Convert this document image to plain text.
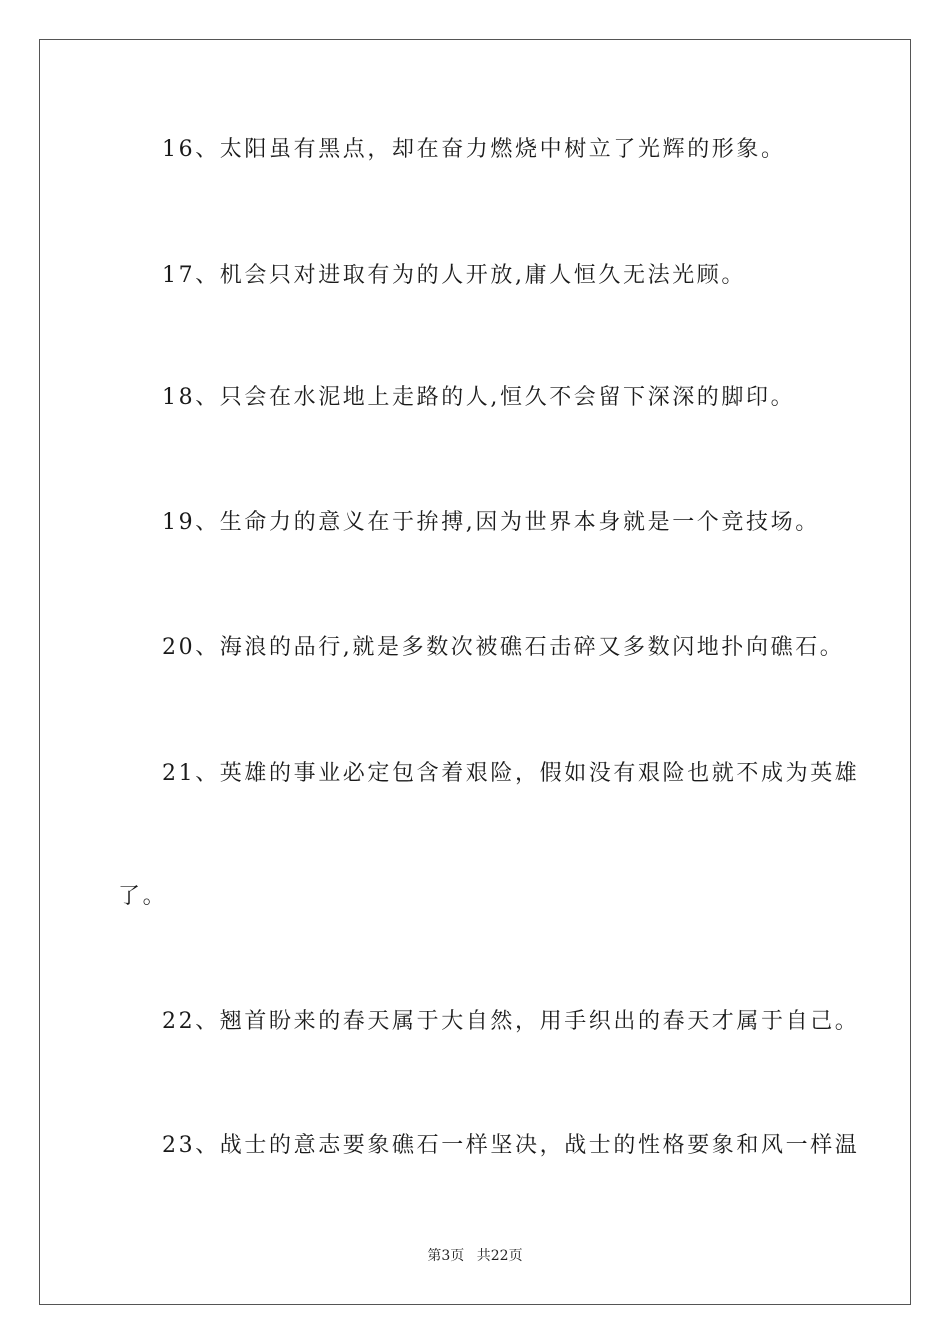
16、太阳虽有黑点，却在奋力燃烧中树立了光辉的形象。
17、机会只对进取有为的人开放,庸人恒久无法光顾。
18、只会在水泥地上走路的人,恒久不会留下深深的脚印。
19、生命力的意义在于拚搏,因为世界本身就是一个竞技场。
20、海浪的品行,就是多数次被礁石击碎又多数闪地扑向礁石。
21、英雄的事业必定包含着艰险，假如没有艰险也就不成为英雄
了。
22、翘首盼来的春天属于大自然，用手织出的春天才属于自己。
23、战士的意志要象礁石一样坚决，战士的性格要象和风一样温
第3页 共22页
